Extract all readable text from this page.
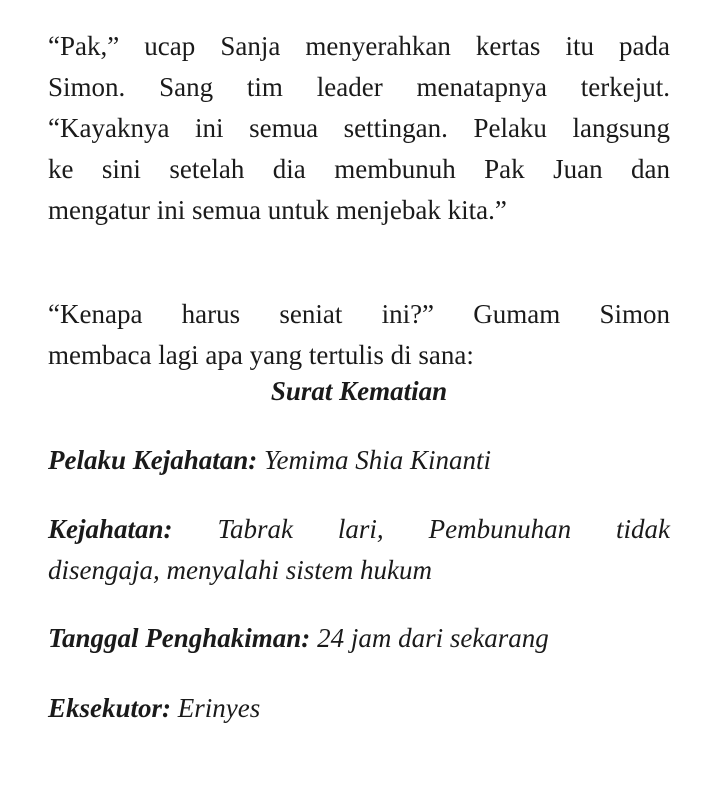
“Pak,” ucap Sanja menyerahkan kertas itu pada
Simon. Sang tim leader menatapnya terkejut.
“Kayaknya ini semua settingan. Pelaku langsung
ke sini setelah dia membunuh Pak Juan dan
mengatur ini semua untuk menjebak kita.”
“Kenapa harus seniat ini?” Gumam Simon
membaca lagi apa yang tertulis di sana:

Surat Kematian

Pelaku Kejahatan: Yemima Shia Kinanti

Kejahatan: Tabrak lari, Pembunuhan tidak
disengaja, menyalahi sistem hukum

Tanggal Penghakiman: 24 jam dari sekarang

Eksekutor: Erinyes
